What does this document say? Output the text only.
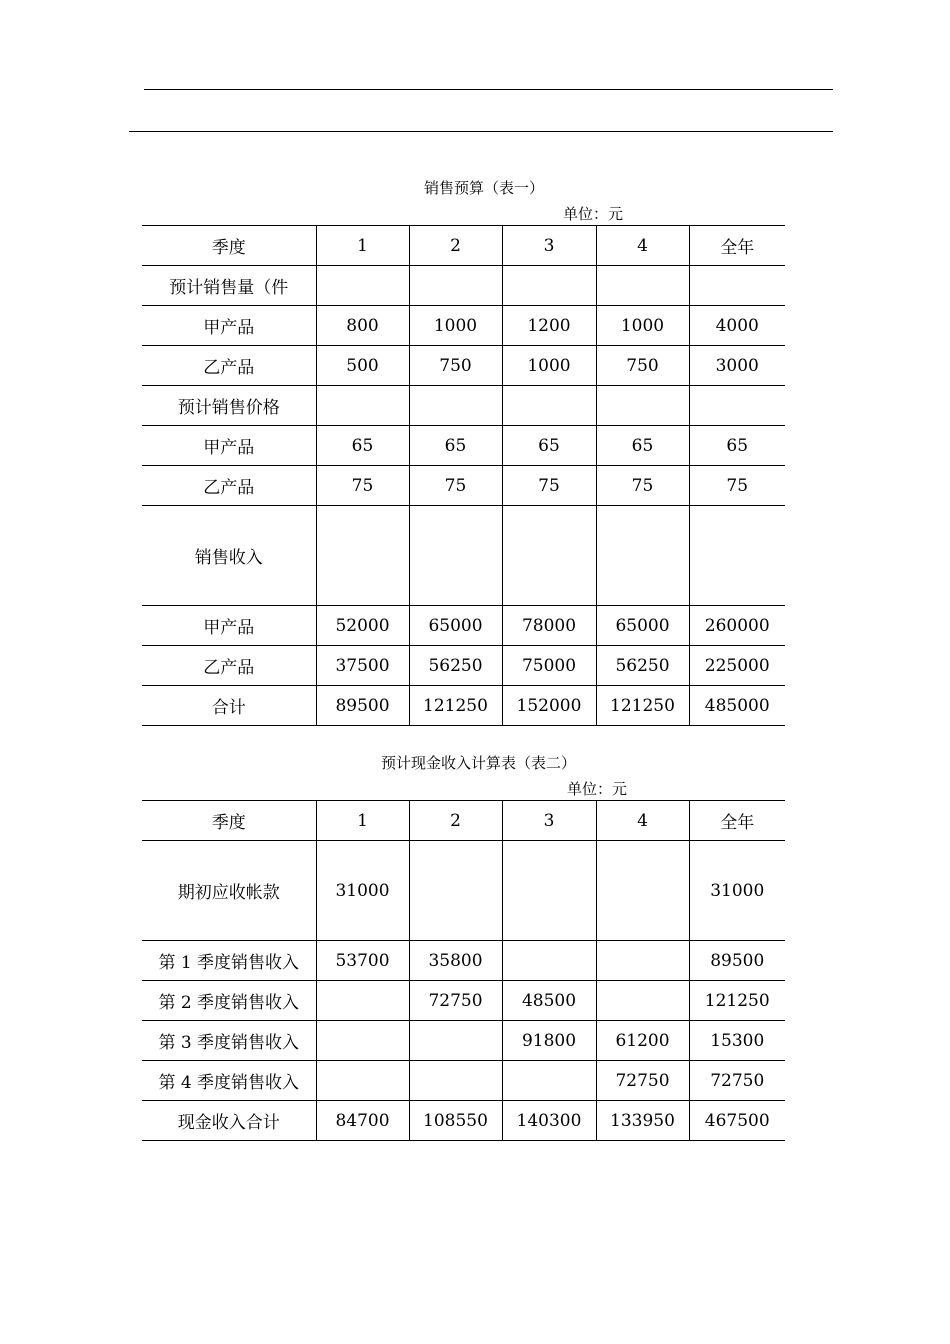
销售预算（表一）
单位：元
季度	1	2	3	4	全年
预计销售量（件					
甲产品	800	1000	1200	1000	4000
乙产品	500	750	1000	750	3000
预计销售价格					
甲产品	65	65	65	65	65
乙产品	75	75	75	75	75
销售收入					
甲产品	52000	65000	78000	65000	260000
乙产品	37500	56250	75000	56250	225000
合计	89500	121250	152000	121250	485000
预计现金收入计算表（表二）
单位：元
季度	1	2	3	4	全年
期初应收帐款	31000				31000
第 1 季度销售收入	53700	35800			89500
第 2 季度销售收入		72750	48500		121250
第 3 季度销售收入			91800	61200	15300
第 4 季度销售收入				72750	72750
现金收入合计	84700	108550	140300	133950	467500
